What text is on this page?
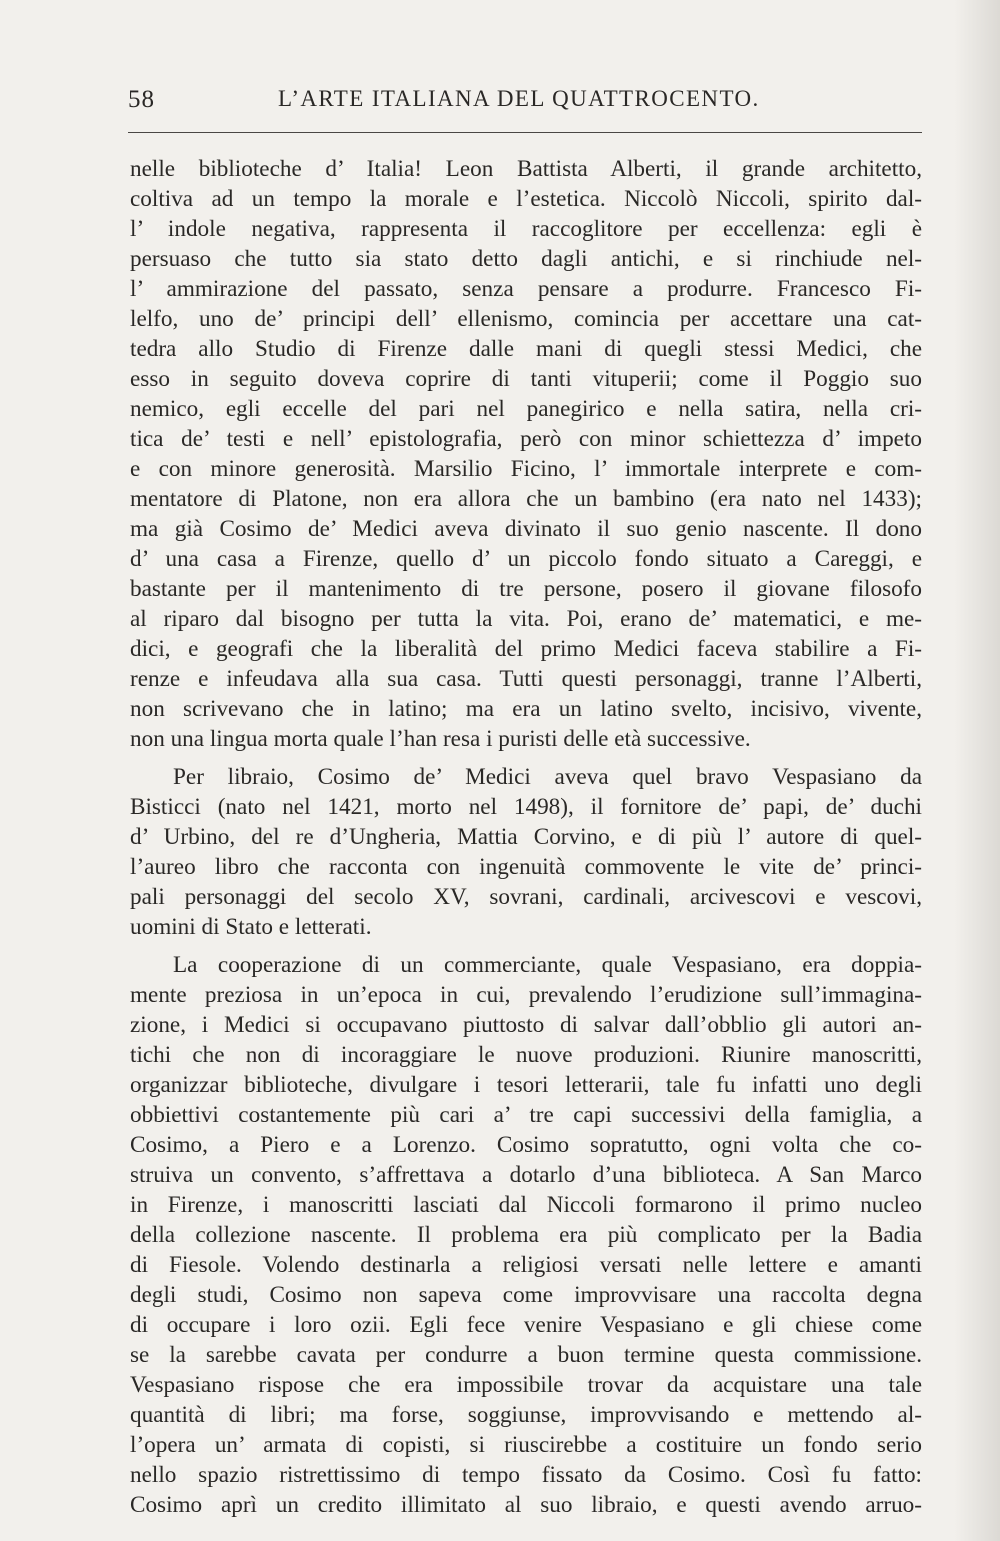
58	L’ARTE ITALIANA DEL QUATTROCENTO.
nelle biblioteche d’ Italia! Leon Battista Alberti, il grande architetto,
coltiva ad un tempo la morale e l’estetica. Niccolò Niccoli, spirito dal-
l’ indole negativa, rappresenta il raccoglitore per eccellenza: egli è
persuaso che tutto sia stato detto dagli antichi, e si rinchiude nel-
l’ ammirazione del passato, senza pensare a produrre. Francesco Fi-
lelfo, uno de’ principi dell’ ellenismo, comincia per accettare una cat-
tedra allo Studio di Firenze dalle mani di quegli stessi Medici, che
esso in seguito doveva coprire di tanti vituperii; come il Poggio suo
nemico, egli eccelle del pari nel panegirico e nella satira, nella cri-
tica de’ testi e nell’ epistolografia, però con minor schiettezza d’ impeto
e con minore generosità. Marsilio Ficino, l’ immortale interprete e com-
mentatore di Platone, non era allora che un bambino (era nato nel 1433);
ma già Cosimo de’ Medici aveva divinato il suo genio nascente. Il dono
d’ una casa a Firenze, quello d’ un piccolo fondo situato a Careggi, e
bastante per il mantenimento di tre persone, posero il giovane filosofo
al riparo dal bisogno per tutta la vita. Poi, erano de’ matematici, e me-
dici, e geografi che la liberalità del primo Medici faceva stabilire a Fi-
renze e infeudava alla sua casa. Tutti questi personaggi, tranne l’Alberti,
non scrivevano che in latino; ma era un latino svelto, incisivo, vivente,
non una lingua morta quale l’han resa i puristi delle età successive.
Per libraio, Cosimo de’ Medici aveva quel bravo Vespasiano da
Bisticci (nato nel 1421, morto nel 1498), il fornitore de’ papi, de’ duchi
d’ Urbino, del re d’Ungheria, Mattia Corvino, e di più l’ autore di quel-
l’aureo libro che racconta con ingenuità commovente le vite de’ princi-
pali personaggi del secolo XV, sovrani, cardinali, arcivescovi e vescovi,
uomini di Stato e letterati.
La cooperazione di un commerciante, quale Vespasiano, era doppia-
mente preziosa in un’epoca in cui, prevalendo l’erudizione sull’immagina-
zione, i Medici si occupavano piuttosto di salvar dall’obblio gli autori an-
tichi che non di incoraggiare le nuove produzioni. Riunire manoscritti,
organizzar biblioteche, divulgare i tesori letterarii, tale fu infatti uno degli
obbiettivi costantemente più cari a’ tre capi successivi della famiglia, a
Cosimo, a Piero e a Lorenzo. Cosimo sopratutto, ogni volta che co-
struiva un convento, s’affrettava a dotarlo d’una biblioteca. A San Marco
in Firenze, i manoscritti lasciati dal Niccoli formarono il primo nucleo
della collezione nascente. Il problema era più complicato per la Badia
di Fiesole. Volendo destinarla a religiosi versati nelle lettere e amanti
degli studi, Cosimo non sapeva come improvvisare una raccolta degna
di occupare i loro ozii. Egli fece venire Vespasiano e gli chiese come
se la sarebbe cavata per condurre a buon termine questa commissione.
Vespasiano rispose che era impossibile trovar da acquistare una tale
quantità di libri; ma forse, soggiunse, improvvisando e mettendo al-
l’opera un’ armata di copisti, si riuscirebbe a costituire un fondo serio
nello spazio ristrettissimo di tempo fissato da Cosimo. Così fu fatto:
Cosimo aprì un credito illimitato al suo libraio, e questi avendo arruo-
